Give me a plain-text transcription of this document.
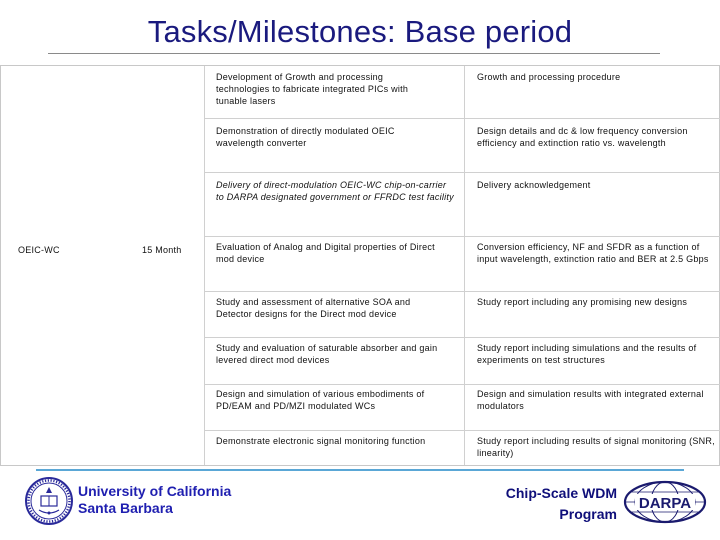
Tasks/Milestones: Base period
OEIC-WC	15 Month
Development of Growth and processing technologies to fabricate integrated PICs with tunable lasers
Growth and processing procedure
Demonstration of directly modulated OEIC wavelength converter
Design details and dc & low frequency conversion efficiency and extinction ratio vs. wavelength
Delivery of direct-modulation OEIC-WC chip-on-carrier to DARPA designated government or FFRDC test facility
Delivery acknowledgement
Evaluation of Analog and Digital properties of Direct mod device
Conversion efficiency, NF and SFDR as a function of input wavelength, extinction ratio and BER at 2.5 Gbps
Study and assessment of alternative SOA and Detector designs for the Direct mod device
Study report including any promising new designs
Study and evaluation of saturable absorber and gain levered direct mod devices
Study report including simulations and the results of experiments on test structures
Design and simulation of various embodiments of PD/EAM and PD/MZI modulated WCs
Design and simulation results with integrated external modulators
Demonstrate electronic signal monitoring function	Study report including results of signal monitoring (SNR, linearity)
University of California
Santa Barbara
Chip-Scale WDM
Program
DARPA
